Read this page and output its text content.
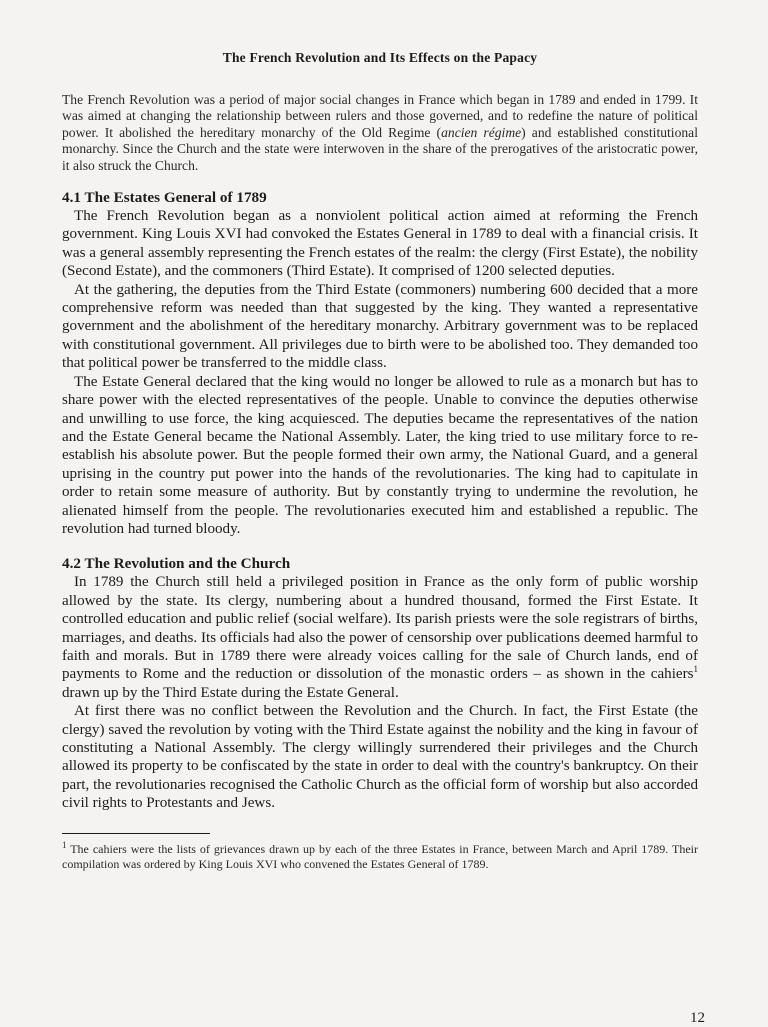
The French Revolution and Its Effects on the Papacy

The French Revolution was a period of major social changes in France which began in 1789 and ended in 1799. It was aimed at changing the relationship between rulers and those governed, and to redefine the nature of political power. It abolished the hereditary monarchy of the Old Regime (ancien régime) and established constitutional monarchy. Since the Church and the state were interwoven in the share of the prerogatives of the aristocratic power, it also struck the Church.

4.1 The Estates General of 1789

The French Revolution began as a nonviolent political action aimed at reforming the French government. King Louis XVI had convoked the Estates General in 1789 to deal with a financial crisis. It was a general assembly representing the French estates of the realm: the clergy (First Estate), the nobility (Second Estate), and the commoners (Third Estate). It comprised of 1200 selected deputies.

At the gathering, the deputies from the Third Estate (commoners) numbering 600 decided that a more comprehensive reform was needed than that suggested by the king. They wanted a representative government and the abolishment of the hereditary monarchy. Arbitrary government was to be replaced with constitutional government. All privileges due to birth were to be abolished too. They demanded too that political power be transferred to the middle class.

The Estate General declared that the king would no longer be allowed to rule as a monarch but has to share power with the elected representatives of the people. Unable to convince the deputies otherwise and unwilling to use force, the king acquiesced. The deputies became the representatives of the nation and the Estate General became the National Assembly. Later, the king tried to use military force to re-establish his absolute power. But the people formed their own army, the National Guard, and a general uprising in the country put power into the hands of the revolutionaries. The king had to capitulate in order to retain some measure of authority. But by constantly trying to undermine the revolution, he alienated himself from the people. The revolutionaries executed him and established a republic. The revolution had turned bloody.

4.2 The Revolution and the Church

In 1789 the Church still held a privileged position in France as the only form of public worship allowed by the state. Its clergy, numbering about a hundred thousand, formed the First Estate. It controlled education and public relief (social welfare). Its parish priests were the sole registrars of births, marriages, and deaths. Its officials had also the power of censorship over publications deemed harmful to faith and morals. But in 1789 there were already voices calling for the sale of Church lands, end of payments to Rome and the reduction or dissolution of the monastic orders – as shown in the cahiers$^1$ drawn up by the Third Estate during the Estate General.

At first there was no conflict between the Revolution and the Church. In fact, the First Estate (the clergy) saved the revolution by voting with the Third Estate against the nobility and the king in favour of constituting a National Assembly. The clergy willingly surrendered their privileges and the Church allowed its property to be confiscated by the state in order to deal with the country's bankruptcy. On their part, the revolutionaries recognised the Catholic Church as the official form of worship but also accorded civil rights to Protestants and Jews.

$^1$ The cahiers were the lists of grievances drawn up by each of the three Estates in France, between March and April 1789. Their compilation was ordered by King Louis XVI who convened the Estates General of 1789.

12
